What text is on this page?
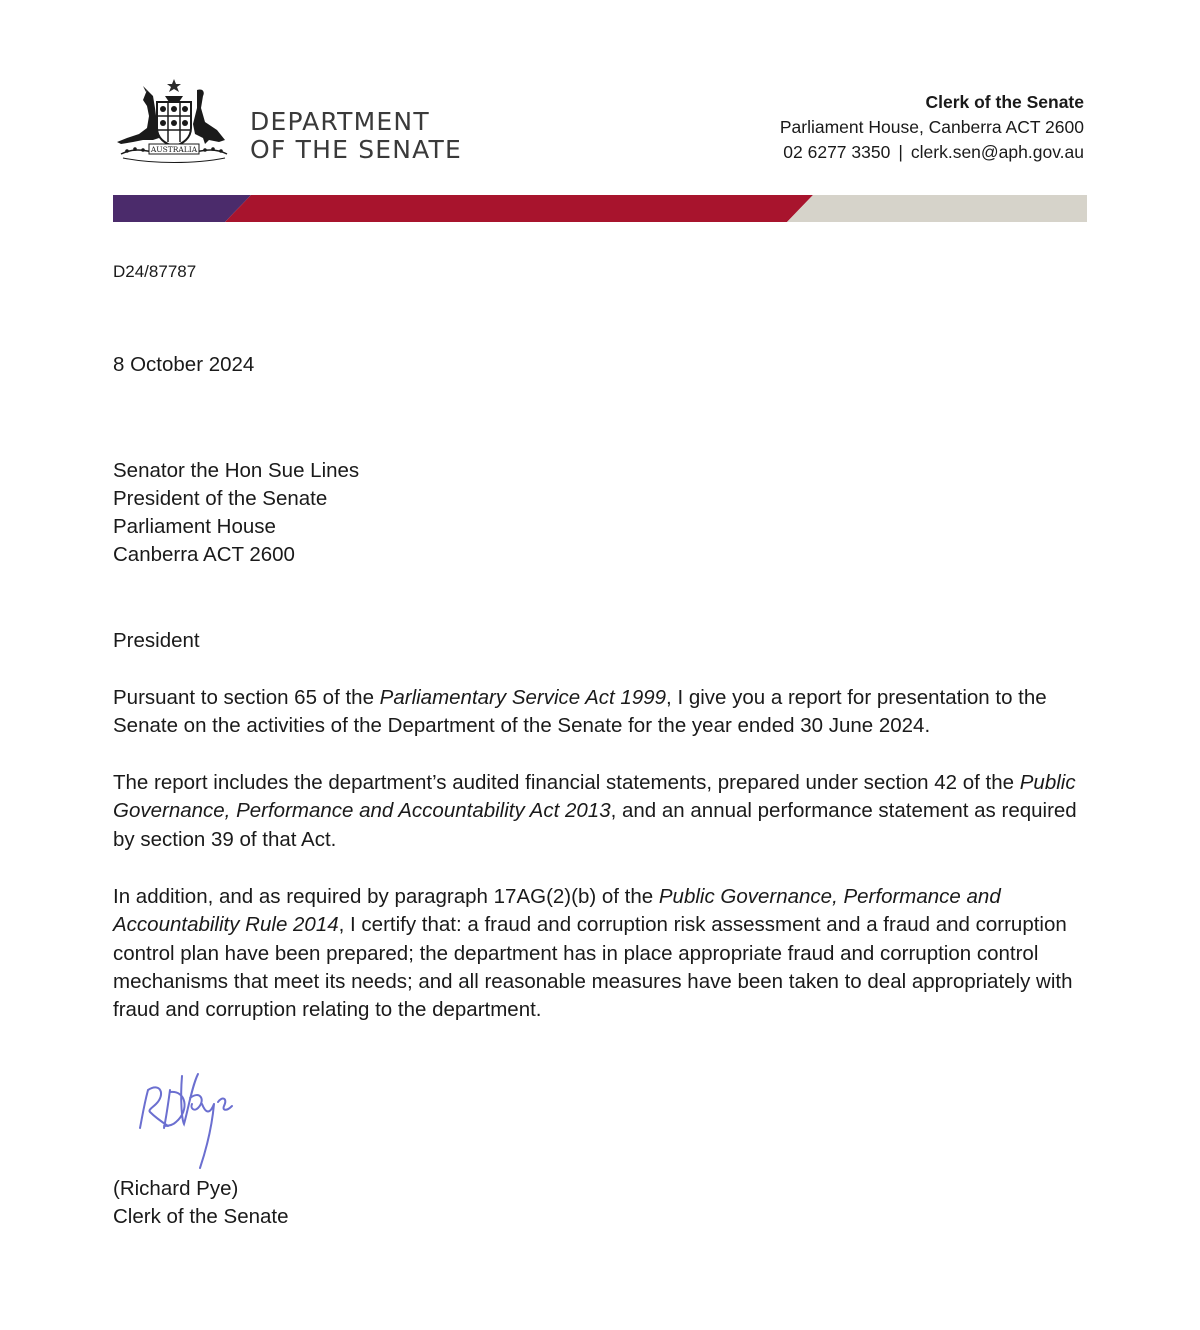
AUSTRALIA
DEPARTMENT
OF THE SENATE
Clerk of the Senate
Parliament House, Canberra ACT 2600
02 6277 3350 | clerk.sen@aph.gov.au
D24/87787
8 October 2024
Senator the Hon Sue Lines
President of the Senate
Parliament House
Canberra ACT 2600
President
Pursuant to section 65 of the Parliamentary Service Act 1999, I give you a report for presentation to the Senate on the activities of the Department of the Senate for the year ended 30 June 2024.
The report includes the department’s audited financial statements, prepared under section 42 of the Public Governance, Performance and Accountability Act 2013, and an annual performance statement as required by section 39 of that Act.
In addition, and as required by paragraph 17AG(2)(b) of the Public Governance, Performance and Accountability Rule 2014, I certify that: a fraud and corruption risk assessment and a fraud and corruption control plan have been prepared; the department has in place appropriate fraud and corruption control mechanisms that meet its needs; and all reasonable measures have been taken to deal appropriately with fraud and corruption relating to the department.
(Richard Pye)
Clerk of the Senate
